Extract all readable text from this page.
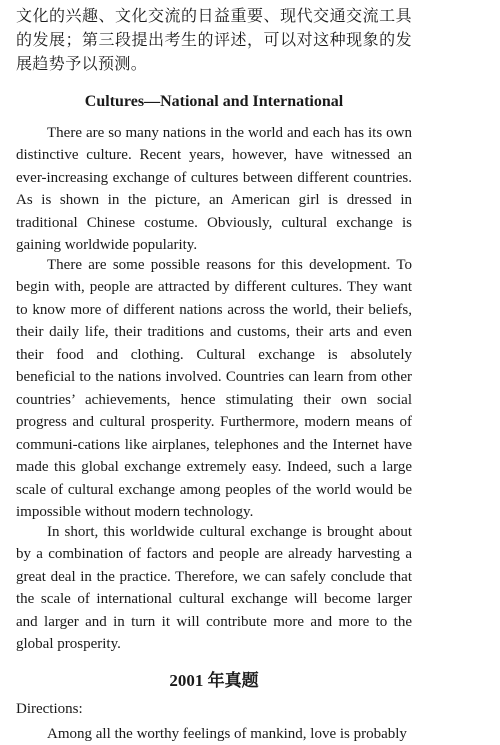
文化的兴趣、文化交流的日益重要、现代交通交流工具的发展；第三段提出考生的评述，可以对这种现象的发展趋势予以预测。

Cultures—National and International

There are so many nations in the world and each has its own distinctive culture. Recent years, however, have witnessed an ever-increasing exchange of cultures between different countries. As is shown in the picture, an American girl is dressed in traditional Chinese costume. Obviously, cultural exchange is gaining worldwide popularity.

There are some possible reasons for this development. To begin with, people are attracted by different cultures. They want to know more of different nations across the world, their beliefs, their daily life, their traditions and customs, their arts and even their food and clothing. Cultural exchange is absolutely beneficial to the nations involved. Countries can learn from other countries’ achievements, hence stimulating their own social progress and cultural prosperity. Furthermore, modern means of communi-cations like airplanes, telephones and the Internet have made this global exchange extremely easy. Indeed, such a large scale of cultural exchange among peoples of the world would be impossible without modern technology.

In short, this worldwide cultural exchange is brought about by a combination of factors and people are already harvesting a great deal in the practice. Therefore, we can safely conclude that the scale of international cultural exchange will become larger and larger and in turn it will contribute more and more to the global prosperity.

2001 年真题

Directions:

Among all the worthy feelings of mankind, love is probably
